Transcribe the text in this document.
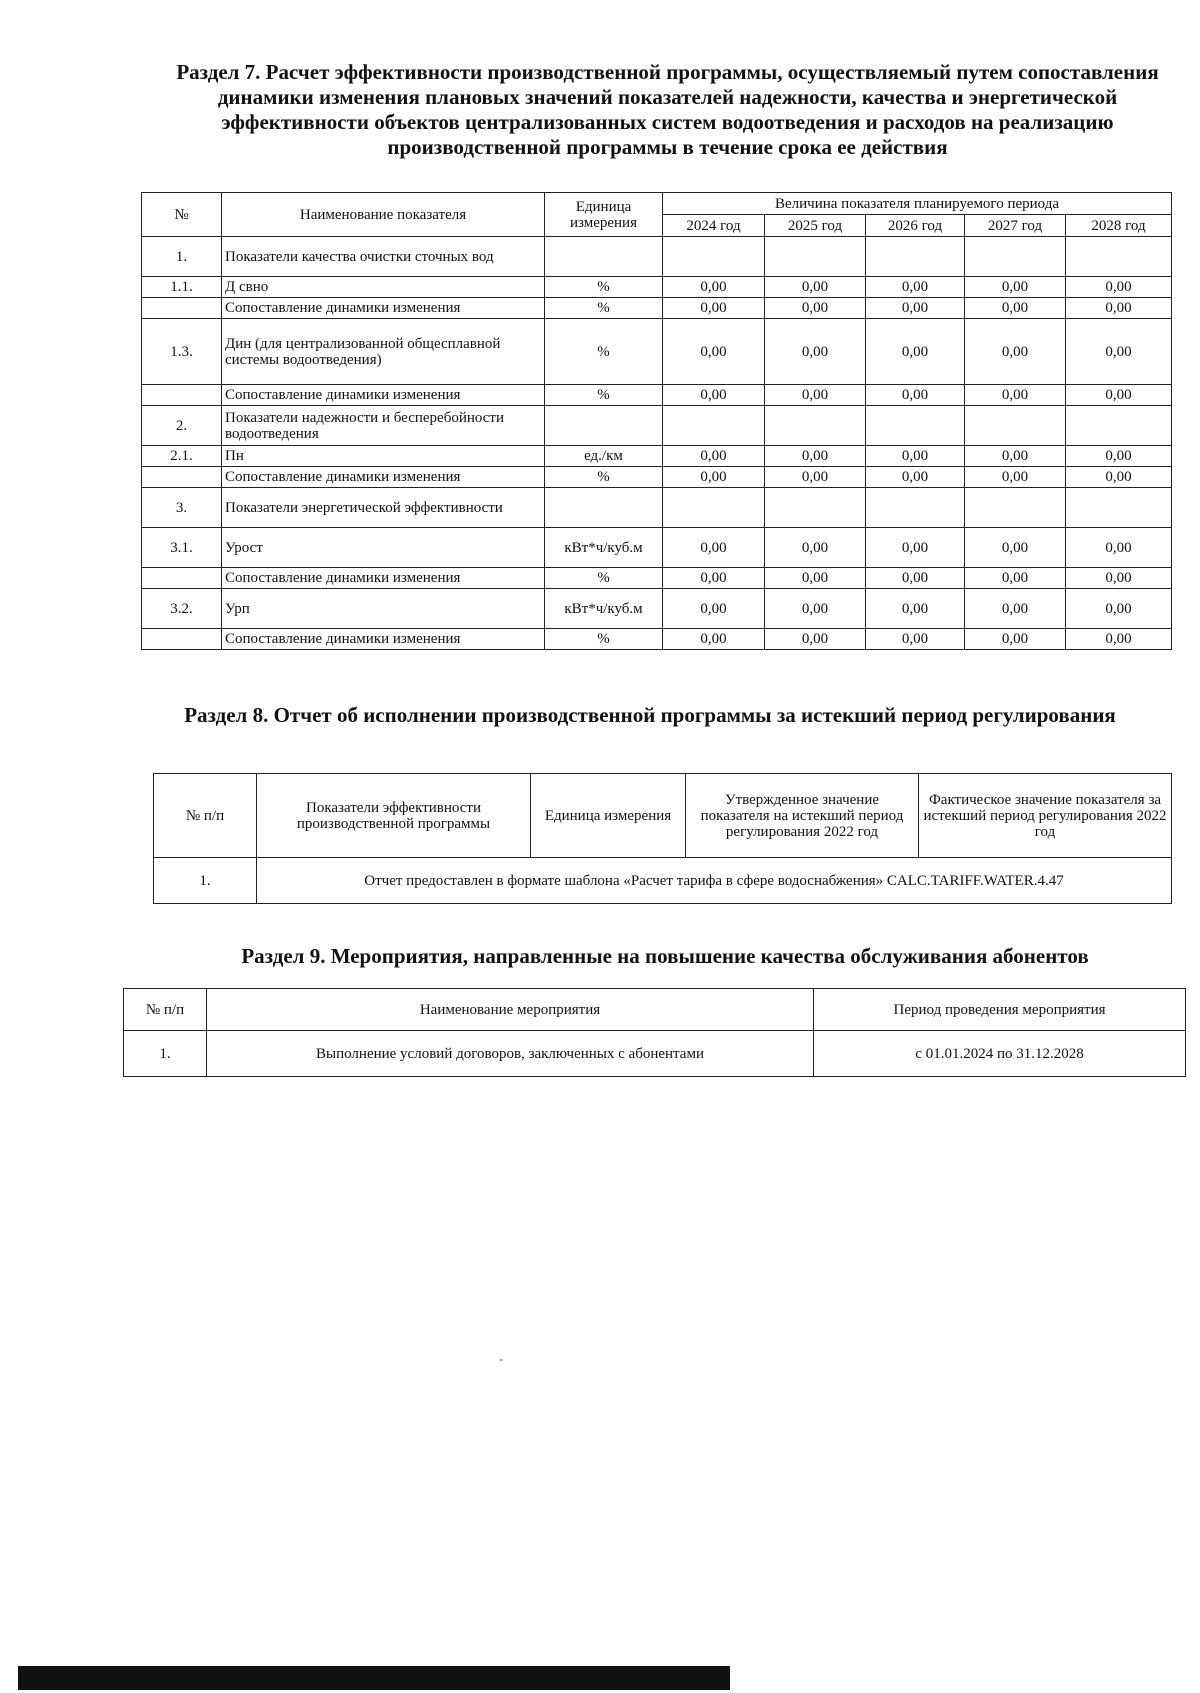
Раздел 7. Расчет эффективности производственной программы, осуществляемый путем сопоставления динамики изменения плановых значений показателей надежности, качества и энергетической эффективности объектов централизованных систем водоотведения и расходов на реализацию производственной программы в течение срока ее действия
№	Наименование показателя	Единица измерения	Величина показателя планируемого периода				
			2024 год	2025 год	2026 год	2027 год	2028 год
1.	Показатели качества очистки сточных вод						
1.1.	Д свно	%	0,00	0,00	0,00	0,00	0,00
	Сопоставление динамики изменения	%	0,00	0,00	0,00	0,00	0,00
1.3.	Дин (для централизованной общесплавной системы водоотведения)	%	0,00	0,00	0,00	0,00	0,00
	Сопоставление динамики изменения	%	0,00	0,00	0,00	0,00	0,00
2.	Показатели надежности и бесперебойности водоотведения						
2.1.	Пн	ед./км	0,00	0,00	0,00	0,00	0,00
	Сопоставление динамики изменения	%	0,00	0,00	0,00	0,00	0,00
3.	Показатели энергетической эффективности						
3.1.	Урост	кВт*ч/куб.м	0,00	0,00	0,00	0,00	0,00
	Сопоставление динамики изменения	%	0,00	0,00	0,00	0,00	0,00
3.2.	Урп	кВт*ч/куб.м	0,00	0,00	0,00	0,00	0,00
	Сопоставление динамики изменения	%	0,00	0,00	0,00	0,00	0,00
Раздел 8. Отчет об исполнении производственной программы за истекший период регулирования
№ п/п	Показатели эффективности производственной программы	Единица измерения	Утвержденное значение показателя на истекший период регулирования 2022 год	Фактическое значение показателя за истекший период регулирования 2022 год
1.	Отчет предоставлен в формате шаблона «Расчет тарифа в сфере водоснабжения» CALC.TARIFF.WATER.4.47			
Раздел 9. Мероприятия, направленные на повышение качества обслуживания абонентов
№ п/п	Наименование мероприятия	Период проведения мероприятия
1.	Выполнение условий договоров, заключенных с абонентами	с 01.01.2024 по 31.12.2028
